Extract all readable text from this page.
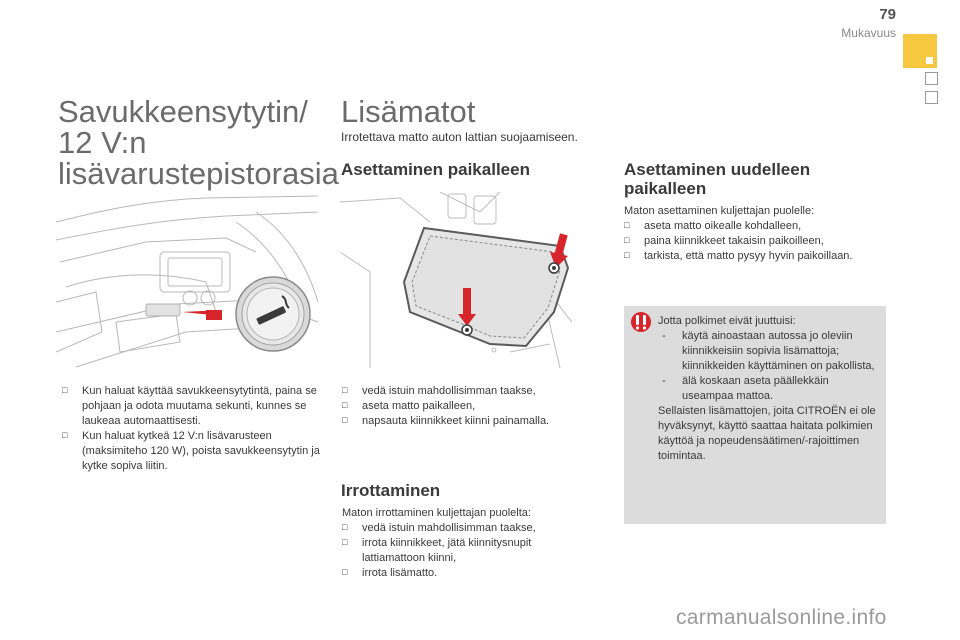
79
Mukavuus
Savukkeensytytin/
12 V:n
lisävarustepistorasia
□	Kun haluat käyttää savukkeensytytintä, paina se pohjaan ja odota muutama sekunti, kunnes se laukeaa automaattisesti.
□	Kun haluat kytkeä 12 V:n lisävarusteen (maksimiteho 120 W), poista savukkeensytytin ja kytke sopiva liitin.
Lisämatot
Irrotettava matto auton lattian suojaamiseen.
Asettaminen paikalleen
□	vedä istuin mahdollisimman taakse,
□	aseta matto paikalleen,
□	napsauta kiinnikkeet kiinni painamalla.
Irrottaminen

Maton irrottaminen kuljettajan puolelta:

□	vedä istuin mahdollisimman taakse,
□	irrota kiinnikkeet, jätä kiinnitysnupit lattiamattoon kiinni,
□	irrota lisämatto.
Asettaminen uudelleen
paikalleen

Maton asettaminen kuljettajan puolelle:

□	aseta matto oikealle kohdalleen,
□	paina kiinnikkeet takaisin paikoilleen,
□	tarkista, että matto pysyy hyvin paikoillaan.

Jotta polkimet eivät juuttuisi:

- käytä ainoastaan autossa jo oleviin kiinnikkeisiin sopivia lisämattoja; kiinnikkeiden käyttäminen on pakollista,
- älä koskaan aseta päällekkäin useampaa mattoa.

Sellaisten lisämattojen, joita CITROËN ei ole hyväksynyt, käyttö saattaa haitata polkimien käyttöä ja nopeudensäätimen/-rajoittimen toimintaa.

carmanualsonline.info
